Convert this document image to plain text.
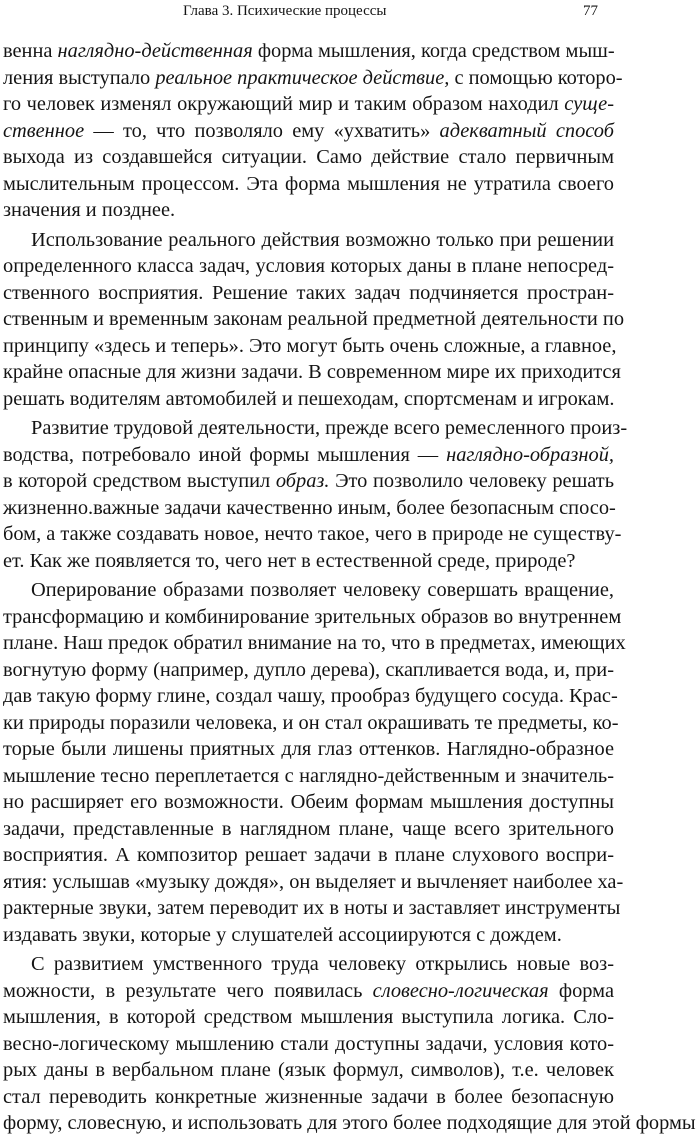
Глава 3. Психические процессы	77
венна наглядно-действенная форма мышления, когда средством мыш-
ления выступало реальное практическое действие, с помощью которо-
го человек изменял окружающий мир и таким образом находил суще-
ственное — то, что позволяло ему «ухватить» адекватный способ
выхода из создавшейся ситуации. Само действие стало первичным
мыслительным процессом. Эта форма мышления не утратила своего
значения и позднее.
Использование реального действия возможно только при решении
определенного класса задач, условия которых даны в плане непосред-
ственного восприятия. Решение таких задач подчиняется простран-
ственным и временным законам реальной предметной деятельности по
принципу «здесь и теперь». Это могут быть очень сложные, а главное,
крайне опасные для жизни задачи. В современном мире их приходится
решать водителям автомобилей и пешеходам, спортсменам и игрокам.
Развитие трудовой деятельности, прежде всего ремесленного произ-
водства, потребовало иной формы мышления — наглядно-образной,
в которой средством выступил образ. Это позволило человеку решать
жизненно.важные задачи качественно иным, более безопасным спосо-
бом, а также создавать новое, нечто такое, чего в природе не существу-
ет. Как же появляется то, чего нет в естественной среде, природе?
Оперирование образами позволяет человеку совершать вращение,
трансформацию и комбинирование зрительных образов во внутреннем
плане. Наш предок обратил внимание на то, что в предметах, имеющих
вогнутую форму (например, дупло дерева), скапливается вода, и, при-
дав такую форму глине, создал чашу, прообраз будущего сосуда. Крас-
ки природы поразили человека, и он стал окрашивать те предметы, ко-
торые были лишены приятных для глаз оттенков. Наглядно-образное
мышление тесно переплетается с наглядно-действенным и значитель-
но расширяет его возможности. Обеим формам мышления доступны
задачи, представленные в наглядном плане, чаще всего зрительного
восприятия. А композитор решает задачи в плане слухового воспри-
ятия: услышав «музыку дождя», он выделяет и вычленяет наиболее ха-
рактерные звуки, затем переводит их в ноты и заставляет инструменты
издавать звуки, которые у слушателей ассоциируются с дождем.
С развитием умственного труда человеку открылись новые воз-
можности, в результате чего появилась словесно-логическая форма
мышления, в которой средством мышления выступила логика. Сло-
весно-логическому мышлению стали доступны задачи, условия кото-
рых даны в вербальном плане (язык формул, символов), т.е. человек
стал переводить конкретные жизненные задачи в более безопасную
форму, словесную, и использовать для этого более подходящие для этой формы
